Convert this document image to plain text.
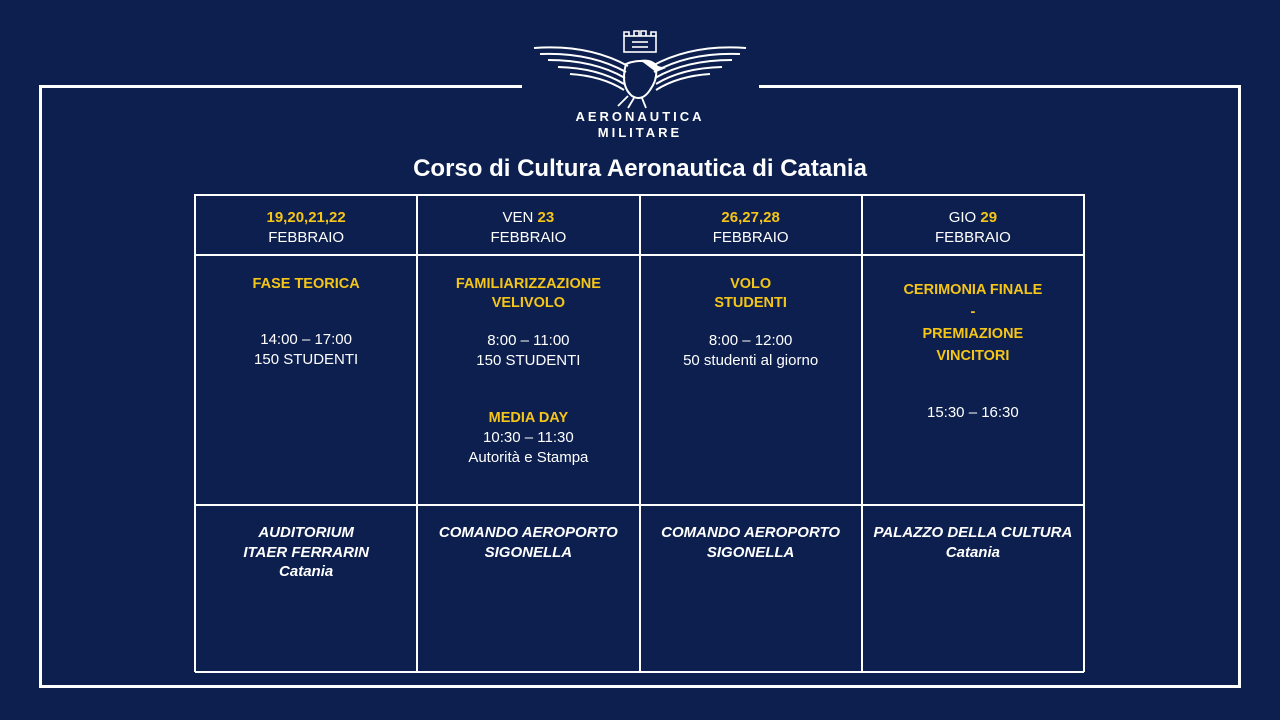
AERONAUTICA
MILITARE
Corso di Cultura Aeronautica di Catania
19,20,21,22
FEBBRAIO
VEN 23
FEBBRAIO
26,27,28
FEBBRAIO
GIO 29
FEBBRAIO
FASE TEORICA
14:00 – 17:00
150 STUDENTI
FAMILIARIZZAZIONE
VELIVOLO
8:00 – 11:00
150 STUDENTI
MEDIA DAY
10:30 – 11:30
Autorità e Stampa
VOLO
STUDENTI
8:00 – 12:00
50 studenti al giorno
CERIMONIA FINALE
-
PREMIAZIONE
VINCITORI
15:30 – 16:30
AUDITORIUM
ITAER FERRARIN
Catania
COMANDO AEROPORTO
SIGONELLA
COMANDO AEROPORTO
SIGONELLA
PALAZZO DELLA CULTURA
Catania
